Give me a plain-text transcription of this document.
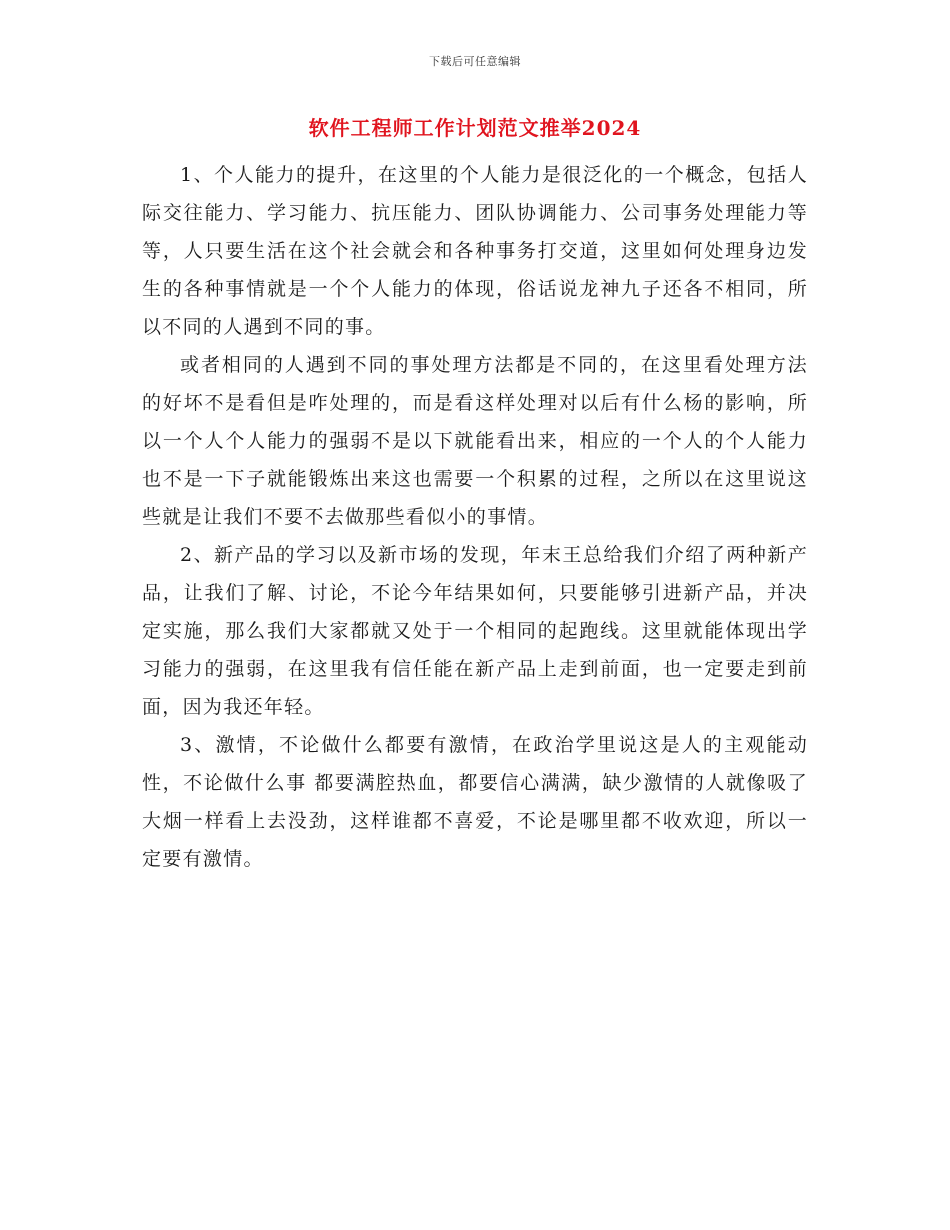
下载后可任意编辑
软件工程师工作计划范文推举2024

1、个人能力的提升，在这里的个人能力是很泛化的一个概念，包括人际交往能力、学习能力、抗压能力、团队协调能力、公司事务处理能力等等，人只要生活在这个社会就会和各种事务打交道，这里如何处理身边发生的各种事情就是一个个人能力的体现，俗话说龙神九子还各不相同，所以不同的人遇到不同的事。

或者相同的人遇到不同的事处理方法都是不同的，在这里看处理方法的好坏不是看但是咋处理的，而是看这样处理对以后有什么杨的影响，所以一个人个人能力的强弱不是以下就能看出来，相应的一个人的个人能力也不是一下子就能锻炼出来这也需要一个积累的过程，之所以在这里说这些就是让我们不要不去做那些看似小的事情。

2、新产品的学习以及新市场的发现，年末王总给我们介绍了两种新产品，让我们了解、讨论，不论今年结果如何，只要能够引进新产品，并决定实施，那么我们大家都就又处于一个相同的起跑线。这里就能体现出学习能力的强弱，在这里我有信任能在新产品上走到前面，也一定要走到前面，因为我还年轻。

3、激情，不论做什么都要有激情，在政治学里说这是人的主观能动性，不论做什么事 都要满腔热血，都要信心满满，缺少激情的人就像吸了大烟一样看上去没劲，这样谁都不喜爱，不论是哪里都不收欢迎，所以一定要有激情。
